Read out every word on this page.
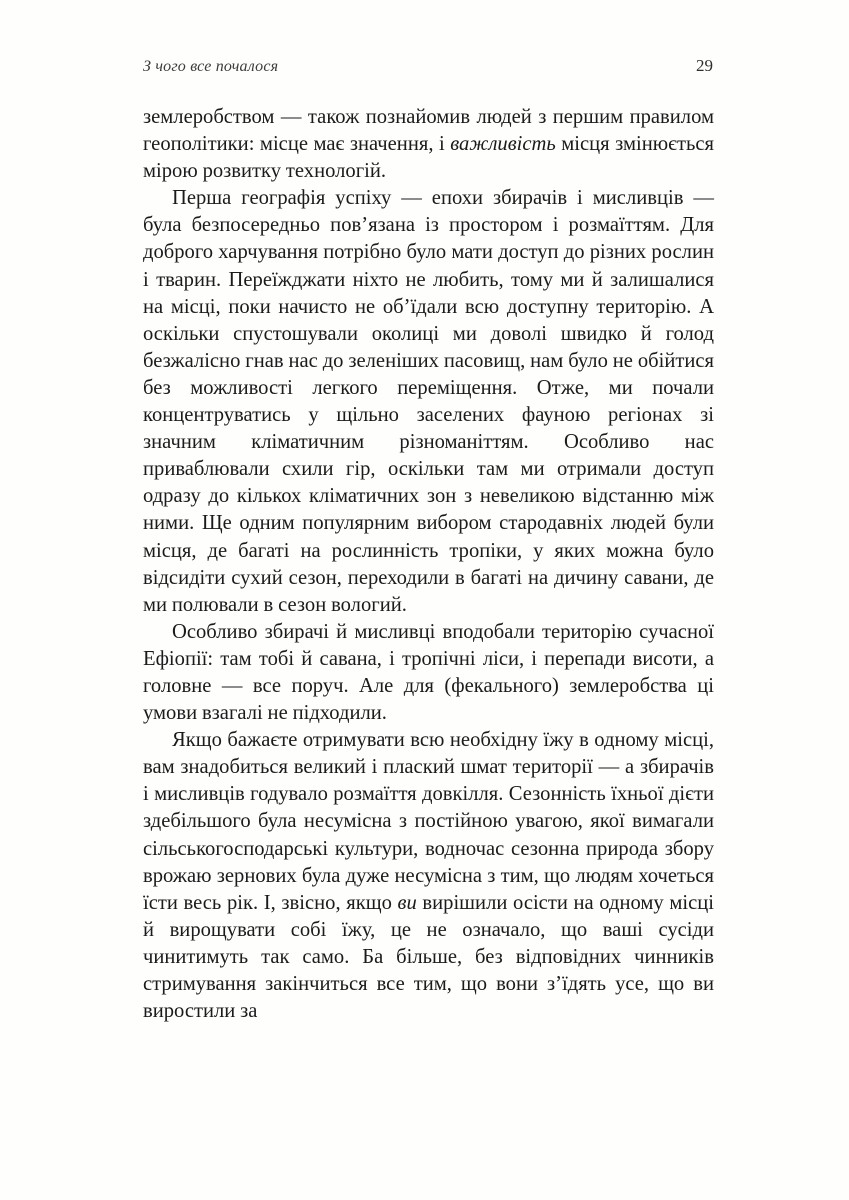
З чого все почалося	29

землеробством — також познайомив людей з першим правилом геополітики: місце має значення, і важливість місця змінюється мірою розвитку технологій.

Перша географія успіху — епохи збирачів і мисливців — була безпосередньо пов’язана із простором і розмаїттям. Для доброго харчування потрібно було мати доступ до різних рослин і тварин. Переїжджати ніхто не любить, тому ми й залишалися на місці, поки начисто не об’їдали всю доступну територію. А оскільки спустошували околиці ми доволі швидко й голод безжалісно гнав нас до зеленіших пасовищ, нам було не обійтися без можливості легкого переміщення. Отже, ми почали концентруватись у щільно заселених фауною регіонах зі значним кліматичним різноманіттям. Особливо нас приваблювали схили гір, оскільки там ми отримали доступ одразу до кількох кліматичних зон з невеликою відстанню між ними. Ще одним популярним вибором стародавніх людей були місця, де багаті на рослинність тропіки, у яких можна було відсидіти сухий сезон, переходили в багаті на дичину савани, де ми полювали в сезон вологий.

Особливо збирачі й мисливці вподобали територію сучасної Ефіопії: там тобі й савана, і тропічні ліси, і перепади висоти, а головне — все поруч. Але для (фекального) землеробства ці умови взагалі не підходили.

Якщо бажаєте отримувати всю необхідну їжу в одному місці, вам знадобиться великий і плаский шмат території — а збирачів і мисливців годувало розмаїття довкілля. Сезонність їхньої дієти здебільшого була несумісна з постійною увагою, якої вимагали сільськогосподарські культури, водночас сезонна природа збору врожаю зернових була дуже несумісна з тим, що людям хочеться їсти весь рік. І, звісно, якщо ви вирішили осісти на одному місці й вирощувати собі їжу, це не означало, що ваші сусіди чинитимуть так само. Ба більше, без відповідних чинників стримування закінчиться все тим, що вони з’їдять усе, що ви виростили за
